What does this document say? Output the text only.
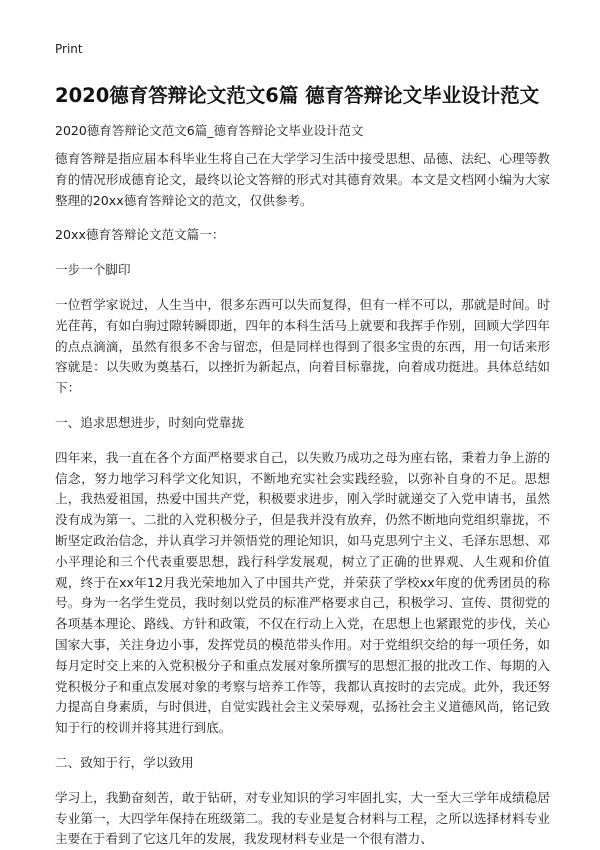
Print
2020德育答辩论文范文6篇 德育答辩论文毕业设计范文

2020德育答辩论文范文6篇_德育答辩论文毕业设计范文

德育答辩是指应届本科毕业生将自己在大学学习生活中接受思想、品德、法纪、心理等教育的情况形成德育论文，最终以论文答辩的形式对其德育效果。本文是文档网小编为大家整理的20xx德育答辩论文的范文，仅供参考。

20xx德育答辩论文范文篇一：

一步一个脚印

一位哲学家说过，人生当中，很多东西可以失而复得，但有一样不可以，那就是时间。时光荏苒，有如白驹过隙转瞬即逝，四年的本科生活马上就要和我挥手作别，回顾大学四年的点点滴滴，虽然有很多不舍与留恋，但是同样也得到了很多宝贵的东西，用一句话来形容就是：以失败为奠基石，以挫折为新起点，向着目标靠拢，向着成功挺进。具体总结如下：

一、追求思想进步，时刻向党靠拢

四年来，我一直在各个方面严格要求自己，以失败乃成功之母为座右铭，秉着力争上游的信念，努力地学习科学文化知识，不断地充实社会实践经验，以弥补自身的不足。思想上，我热爱祖国，热爱中国共产党，积极要求进步，刚入学时就递交了入党申请书，虽然没有成为第一、二批的入党积极分子，但是我并没有放弃，仍然不断地向党组织靠拢，不断坚定政治信念，并认真学习并领悟党的理论知识，如马克思列宁主义、毛泽东思想、邓小平理论和三个代表重要思想，践行科学发展观，树立了正确的世界观、人生观和价值观，终于在xx年12月我光荣地加入了中国共产党，并荣获了学校xx年度的优秀团员的称号。身为一名学生党员，我时刻以党员的标准严格要求自己，积极学习、宣传、贯彻党的各项基本理论、路线、方针和政策，不仅在行动上入党，在思想上也紧跟党的步伐，关心国家大事，关注身边小事，发挥党员的模范带头作用。对于党组织交给的每一项任务，如每月定时交上来的入党积极分子和重点发展对象所撰写的思想汇报的批改工作、每期的入党积极分子和重点发展对象的考察与培养工作等，我都认真按时的去完成。此外，我还努力提高自身素质，与时俱进，自觉实践社会主义荣辱观，弘扬社会主义道德风尚，铭记致知于行的校训并将其进行到底。

二、致知于行，学以致用

学习上，我勤奋刻苦，敢于钻研，对专业知识的学习牢固扎实，大一至大三学年成绩稳居专业第一，大四学年保持在班级第二。我的专业是复合材料与工程，之所以选择材料专业主要在于看到了它这几年的发展，我发现材料专业是一个很有潜力、
